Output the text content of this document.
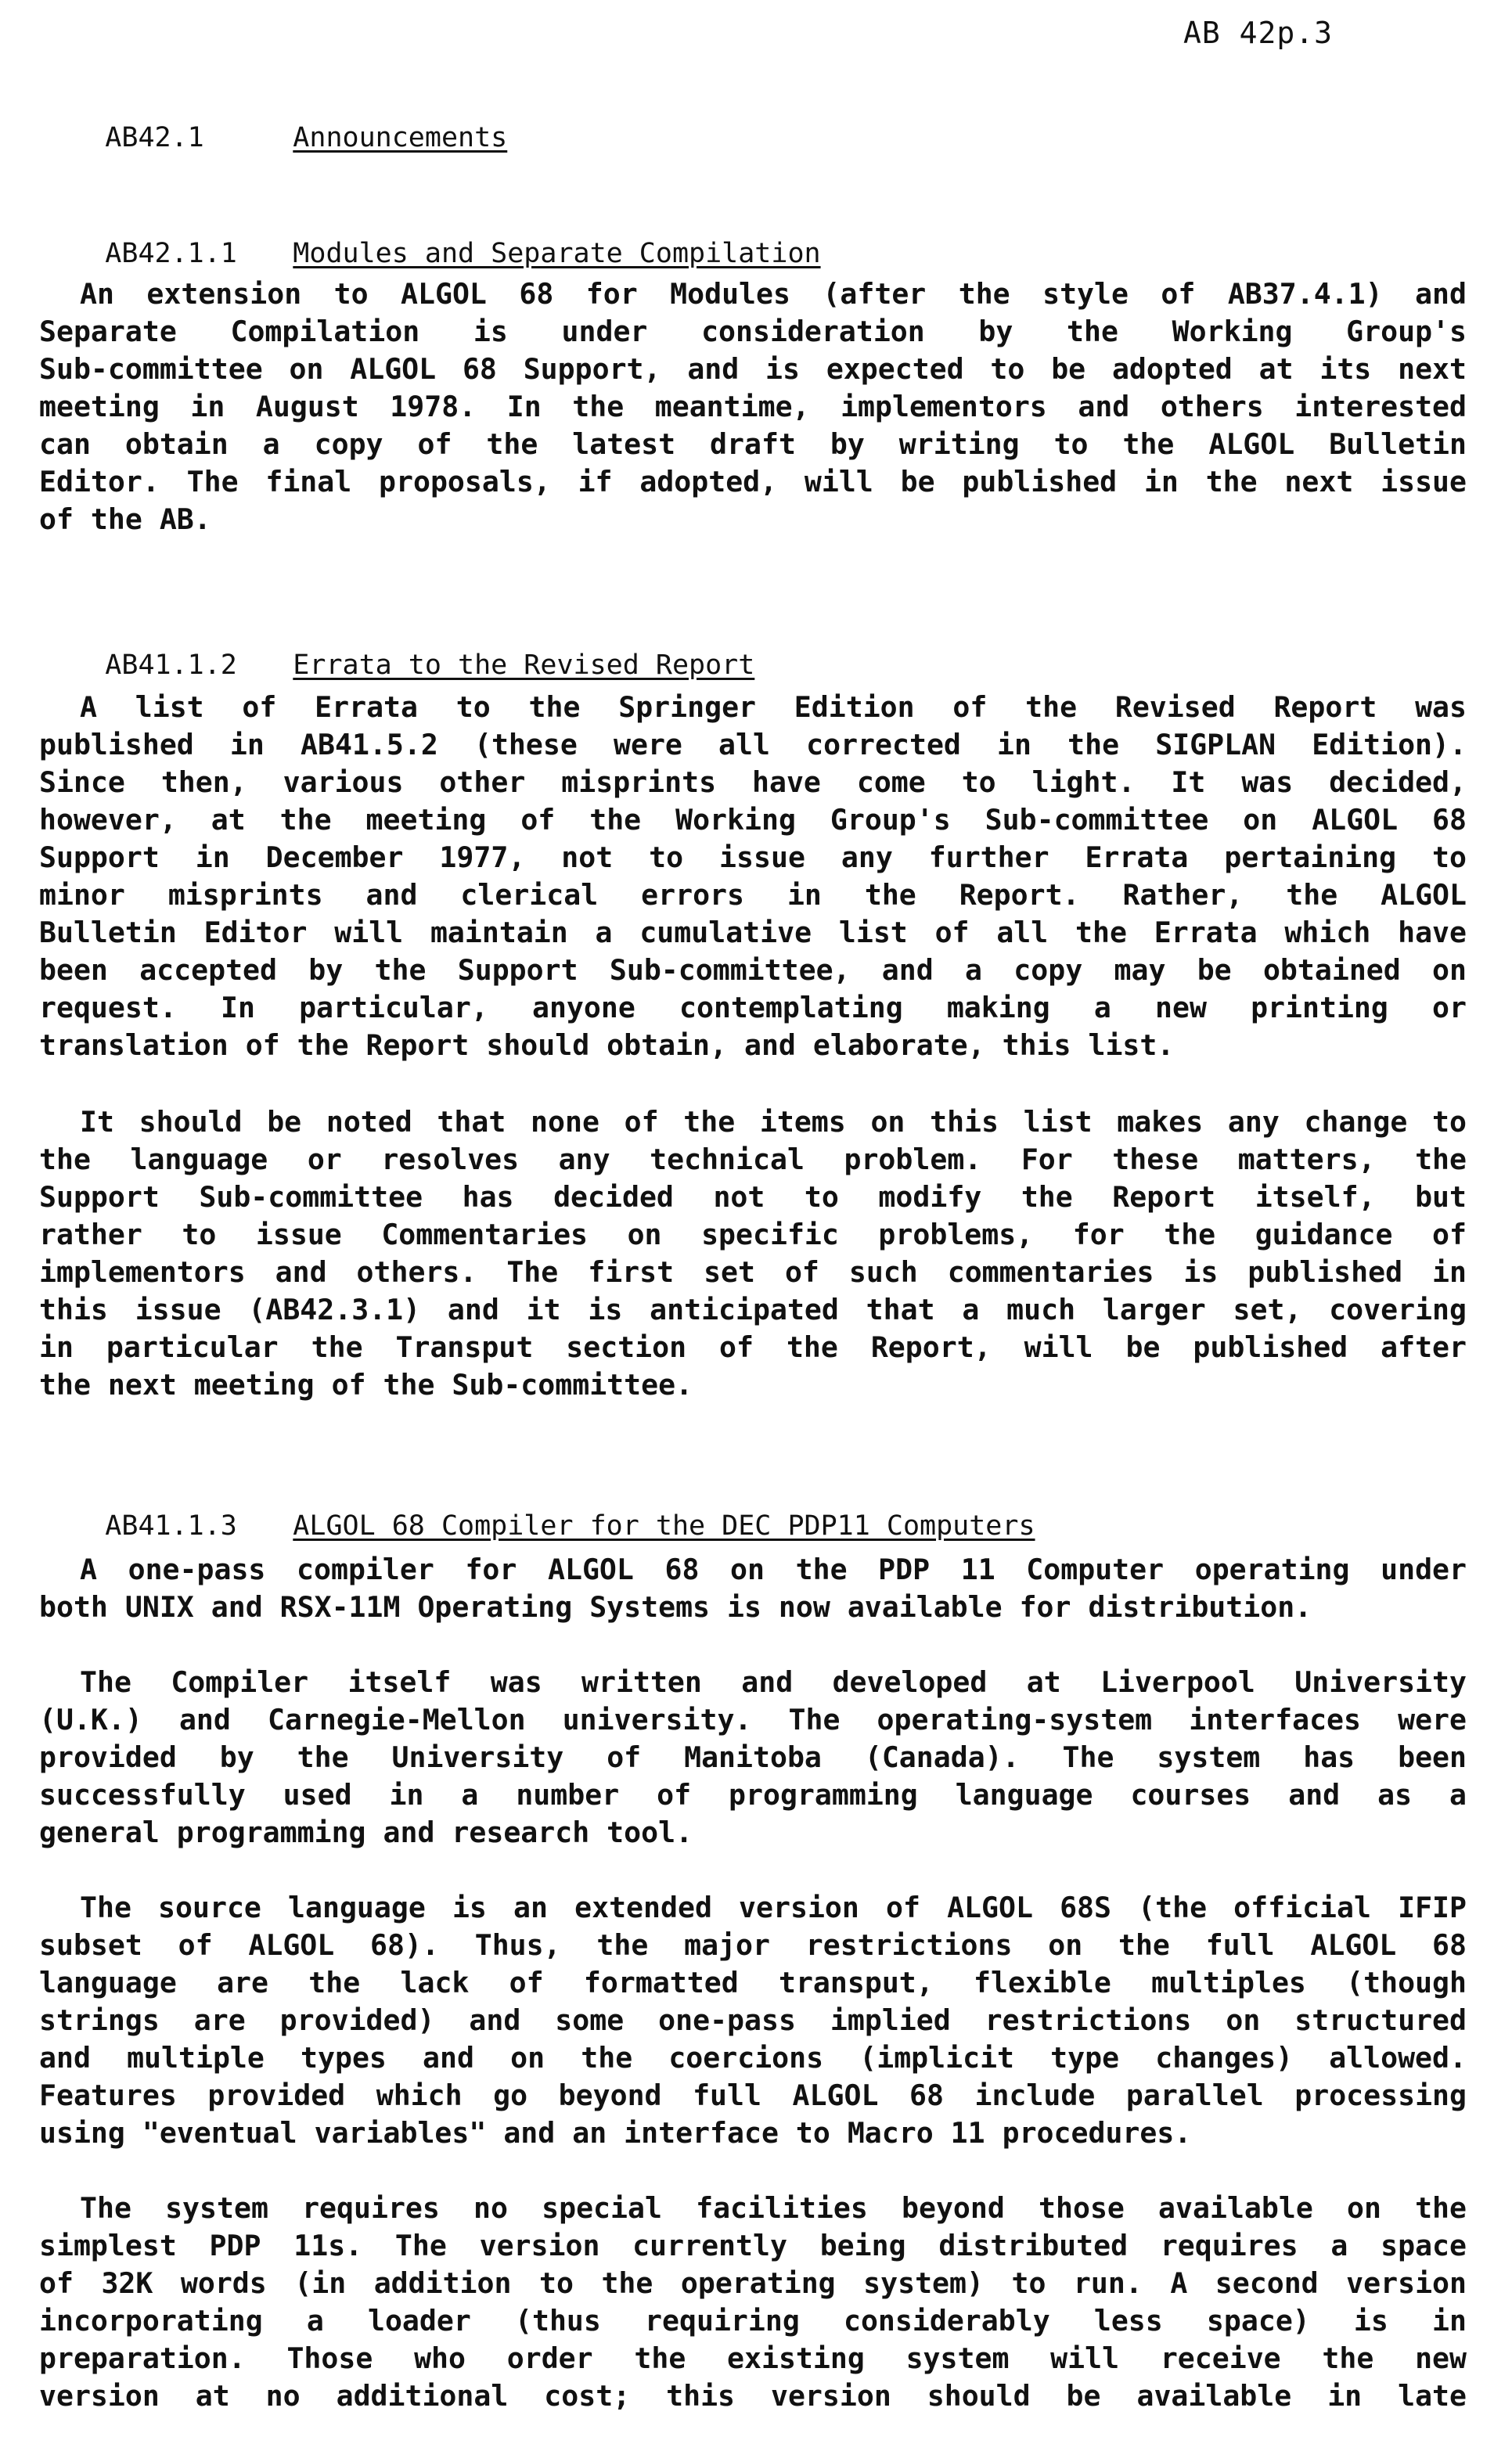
AB 42p.3

AB42.1	Announcements

AB42.1.1 Modules and Separate Compilation

An extension to ALGOL 68 for Modules (after the style of AB37.4.1) and
Separate Compilation is under consideration by the Working Group's
Sub-committee on ALGOL 68 Support, and is expected to be adopted at its next
meeting in August 1978. In the meantime, implementors and others interested
can obtain a copy of the latest draft by writing to the ALGOL Bulletin
Editor. The final proposals, if adopted, will be published in the next issue
of the AB.

AB41.1.2 Errata to the Revised Report

A list of Errata to the Springer Edition of the Revised Report was
published in AB41.5.2 (these were all corrected in the SIGPLAN Edition).
Since then, various other misprints have come to light. It was decided,
however, at the meeting of the Working Group's Sub-committee on ALGOL 68
Support in December 1977, not to issue any further Errata pertaining to
minor misprints and clerical errors in the Report. Rather, the ALGOL
Bulletin Editor will maintain a cumulative list of all the Errata which have
been accepted by the Support Sub-committee, and a copy may be obtained on
request. In particular, anyone contemplating making a new printing or
translation of the Report should obtain, and elaborate, this list.
It should be noted that none of the items on this list makes any change to
the language or resolves any technical problem. For these matters, the
Support Sub-committee has decided not to modify the Report itself, but
rather to issue Commentaries on specific problems, for the guidance of
implementors and others. The first set of such commentaries is published in
this issue (AB42.3.1) and it is anticipated that a much larger set, covering
in particular the Transput section of the Report, will be published after
the next meeting of the Sub-committee.

AB41.1.3 ALGOL 68 Compiler for the DEC PDP11 Computers

A one-pass compiler for ALGOL 68 on the PDP 11 Computer operating under
both UNIX and RSX-11M Operating Systems is now available for distribution.
The Compiler itself was written and developed at Liverpool University
(U.K.) and Carnegie-Mellon university. The operating-system interfaces were
provided by the University of Manitoba (Canada). The system has been
successfully used in a number of programming language courses and as a
general programming and research tool.
The source language is an extended version of ALGOL 68S (the official IFIP
subset of ALGOL 68). Thus, the major restrictions on the full ALGOL 68
language are the lack of formatted transput, flexible multiples (though
strings are provided) and some one-pass implied restrictions on structured
and multiple types and on the coercions (implicit type changes) allowed.
Features provided which go beyond full ALGOL 68 include parallel processing
using "eventual variables" and an interface to Macro 11 procedures.
The system requires no special facilities beyond those available on the
simplest PDP 11s. The version currently being distributed requires a space
of 32K words (in addition to the operating system) to run. A second version
incorporating a loader (thus requiring considerably less space) is in
preparation. Those who order the existing system will receive the new
version at no additional cost; this version should be available in late
